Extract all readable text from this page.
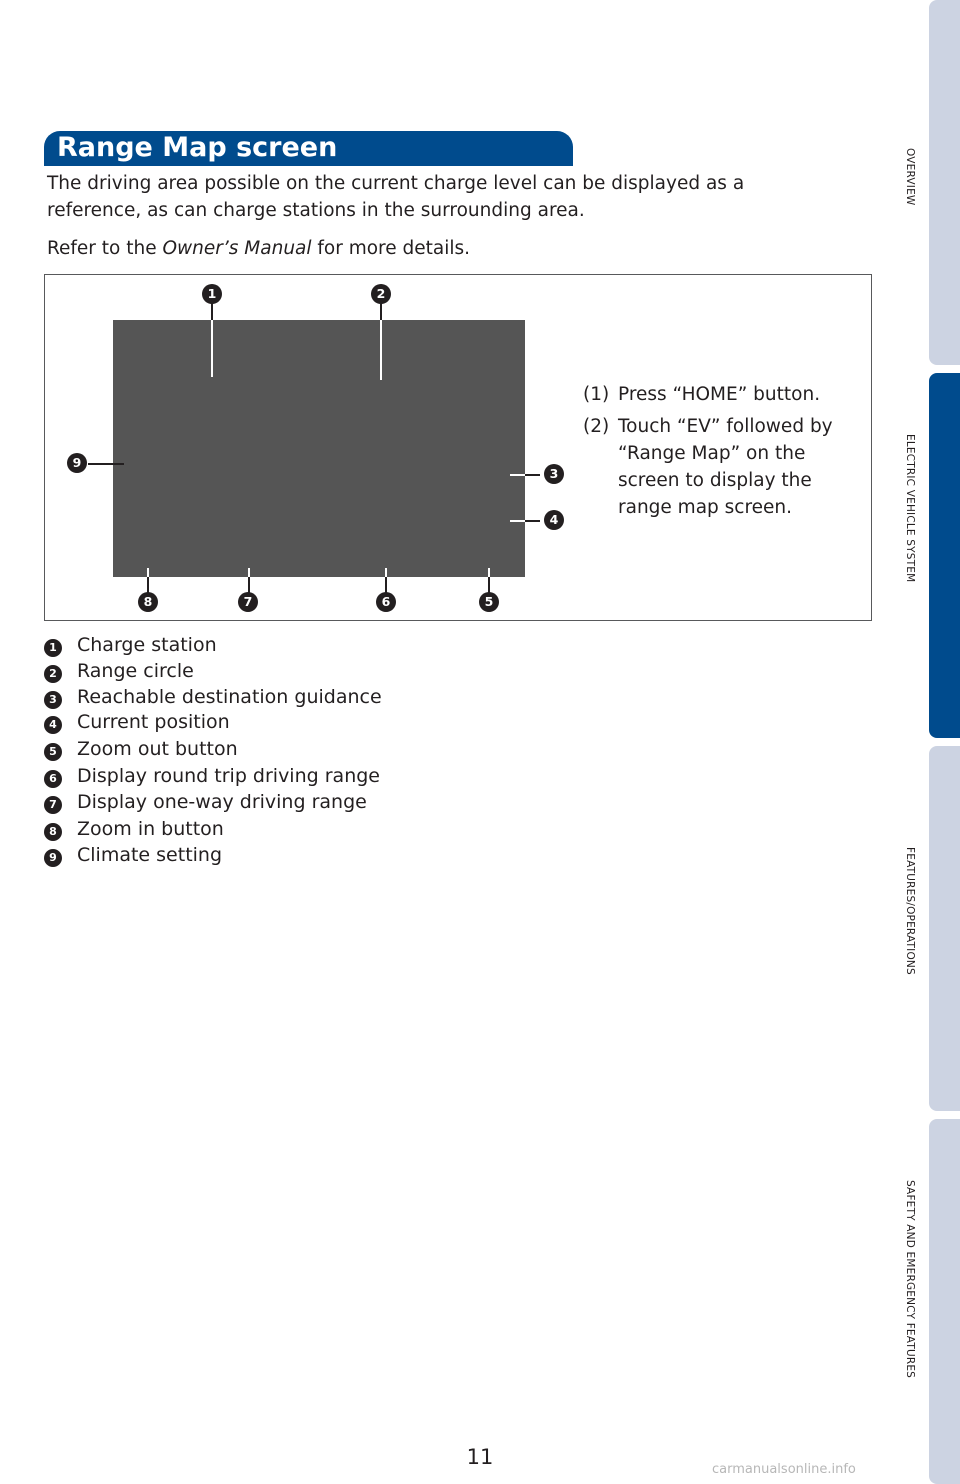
OVERVIEW
ELECTRIC VEHICLE SYSTEM
FEATURES/OPERATIONS
SAFETY AND EMERGENCY FEATURES
Range Map screen
The driving area possible on the current charge level can be displayed as a
reference, as can charge stations in the surrounding area.
Refer to the Owner’s Manual for more details.
1	2
3
4
5
6
7
8
9
(1) Press “HOME” button.
(2) Touch “EV” followed by “Range Map” on the screen to display the range map screen.
1 Charge station
2 Range circle
3 Reachable destination guidance
4 Current position
5 Zoom out button
6 Display round trip driving range
7 Display one-way driving range
8 Zoom in button
9 Climate setting
11
carmanualsonline.info
